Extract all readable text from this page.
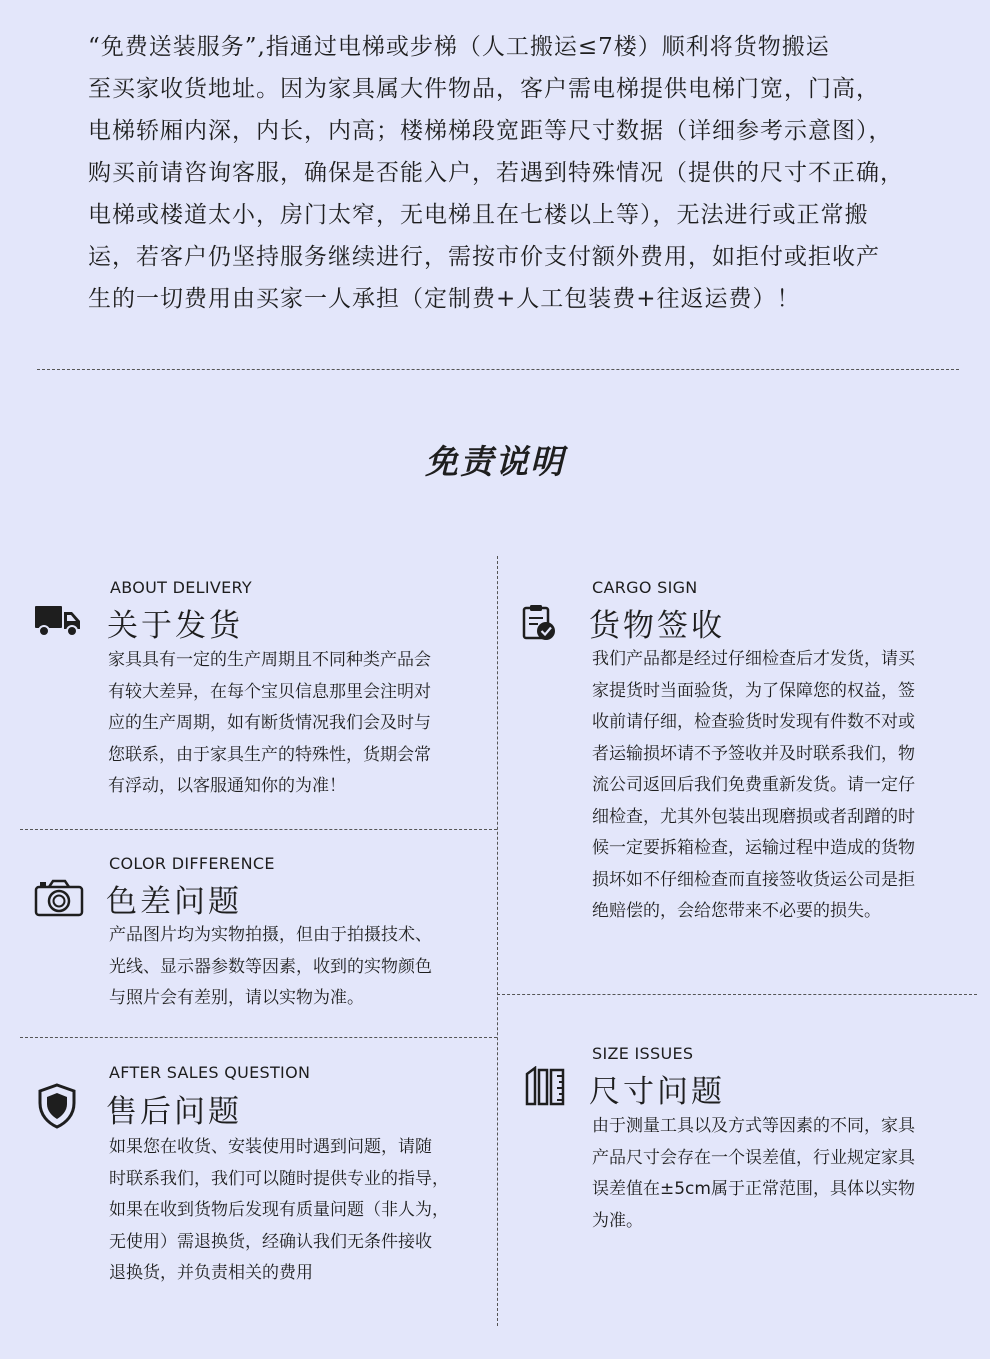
“免费送装服务”,指通过电梯或步梯（人工搬运≤7楼）顺利将货物搬运

至买家收货地址。因为家具属大件物品，客户需电梯提供电梯门宽，门高，

电梯轿厢内深，内长，内高；楼梯梯段宽距等尺寸数据（详细参考示意图），

购买前请咨询客服，确保是否能入户，若遇到特殊情况（提供的尺寸不正确，

电梯或楼道太小，房门太窄，无电梯且在七楼以上等），无法进行或正常搬

运，若客户仍坚持服务继续进行，需按市价支付额外费用，如拒付或拒收产

生的一切费用由买家一人承担（定制费+人工包装费+往返运费）！

免责说明
ABOUT DELIVERY
关于发货
家具具有一定的生产周期且不同种类产品会
有较大差异，在每个宝贝信息那里会注明对
应的生产周期，如有断货情况我们会及时与
您联系，由于家具生产的特殊性，货期会常
有浮动，以客服通知你的为准！
CARGO SIGN
货物签收
我们产品都是经过仔细检查后才发货，请买
家提货时当面验货，为了保障您的权益，签
收前请仔细，检查验货时发现有件数不对或
者运输损坏请不予签收并及时联系我们，物
流公司返回后我们免费重新发货。请一定仔
细检查，尤其外包装出现磨损或者刮蹭的时
候一定要拆箱检查，运输过程中造成的货物
损坏如不仔细检查而直接签收货运公司是拒
绝赔偿的，会给您带来不必要的损失。
COLOR DIFFERENCE
色差问题
产品图片均为实物拍摄，但由于拍摄技术、
光线、显示器参数等因素，收到的实物颜色
与照片会有差别，请以实物为准。
SIZE ISSUES
尺寸问题
由于测量工具以及方式等因素的不同，家具
产品尺寸会存在一个误差值，行业规定家具
误差值在±5cm属于正常范围，具体以实物
为准。
AFTER SALES QUESTION
售后问题
如果您在收货、安装使用时遇到问题，请随
时联系我们，我们可以随时提供专业的指导，
如果在收到货物后发现有质量问题（非人为，
无使用）需退换货，经确认我们无条件接收
退换货，并负责相关的费用
